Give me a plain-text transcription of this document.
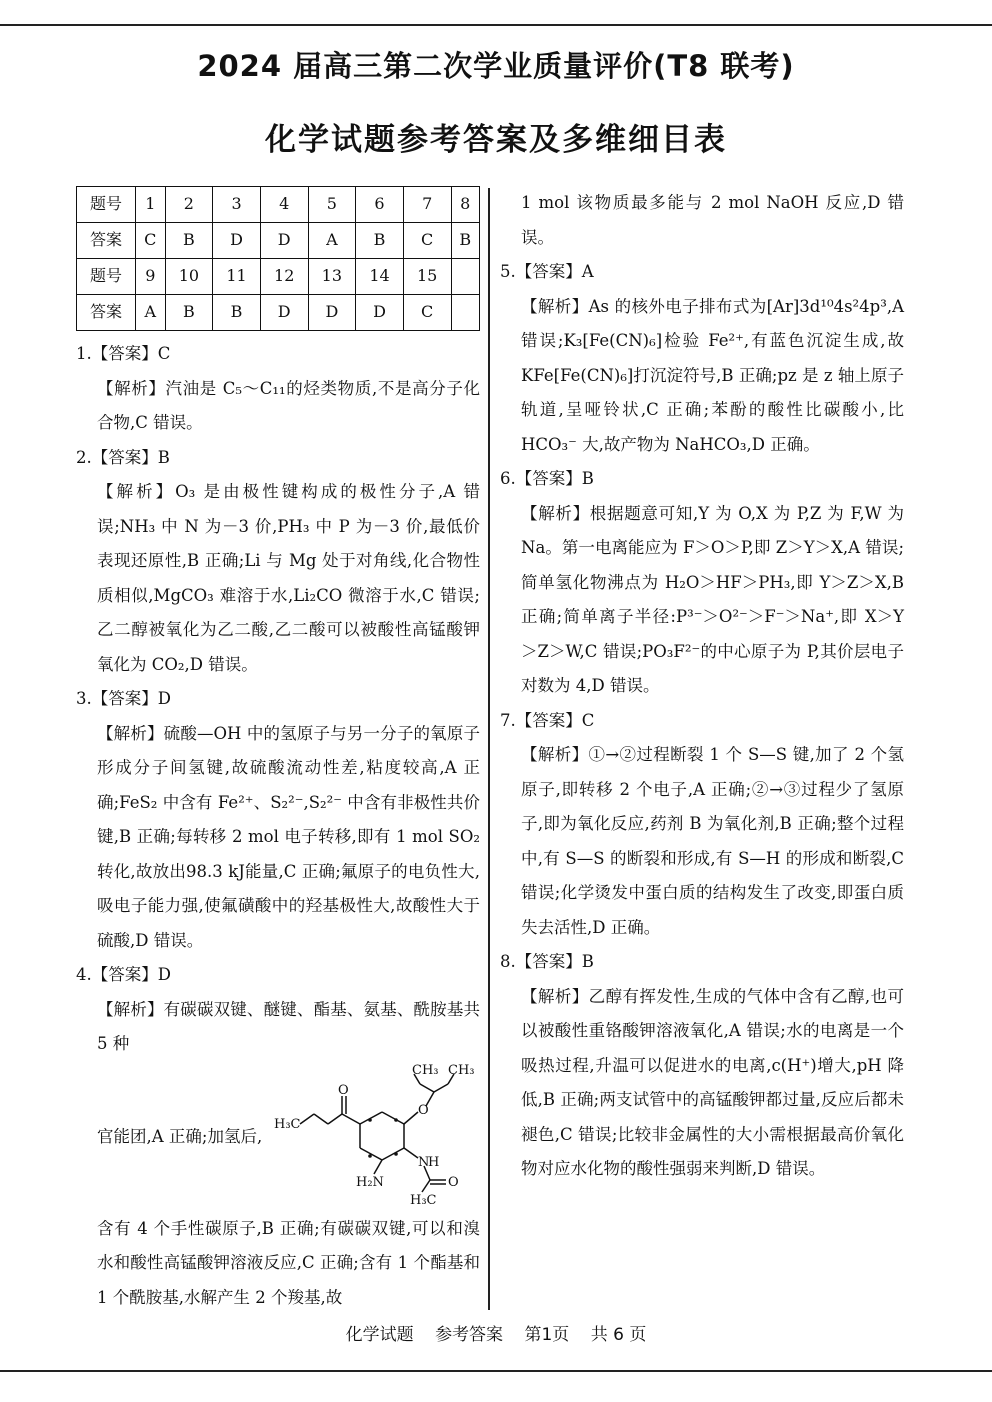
2024 届高三第二次学业质量评价(T8 联考)
化学试题参考答案及多维细目表
题号	1	2	3	4	5	6	7	8
答案	C	B	D	D	A	B	C	B
题号	9	10	11	12	13	14	15	
答案	A	B	B	D	D	D	C	

1.【答案】C

【解析】汽油是 C₅～C₁₁的烃类物质,不是高分子化合物,C 错误。

2.【答案】B

【解析】O₃ 是由极性键构成的极性分子,A 错误;NH₃ 中 N 为－3 价,PH₃ 中 P 为－3 价,最低价表现还原性,B 正确;Li 与 Mg 处于对角线,化合物性质相似,MgCO₃ 难溶于水,Li₂CO 微溶于水,C 错误;乙二醇被氧化为乙二酸,乙二酸可以被酸性高锰酸钾氧化为 CO₂,D 错误。

3.【答案】D

【解析】硫酸—OH 中的氢原子与另一分子的氧原子形成分子间氢键,故硫酸流动性差,粘度较高,A 正确;FeS₂ 中含有 Fe²⁺、S₂²⁻,S₂²⁻ 中含有非极性共价键,B 正确;每转移 2 mol 电子转移,即有 1 mol SO₂ 转化,故放出98.3 kJ能量,C 正确;氟原子的电负性大,吸电子能力强,使氟磺酸中的羟基极性大,故酸性大于硫酸,D 错误。

4.【答案】D

【解析】有碳碳双键、醚键、酯基、氨基、酰胺基共 5 种

官能团,A 正确;加氢后,
CH₃ CH₃
H₃C
O
O
N
H
O
H₂N
H₃C

含有 4 个手性碳原子,B 正确;有碳碳双键,可以和溴水和酸性高锰酸钾溶液反应,C 正确;含有 1 个酯基和 1 个酰胺基,水解产生 2 个羧基,故

1 mol 该物质最多能与 2 mol NaOH 反应,D 错误。

5.【答案】A

【解析】As 的核外电子排布式为[Ar]3d¹⁰4s²4p³,A 错误;K₃[Fe(CN)₆]检验 Fe²⁺,有蓝色沉淀生成,故 KFe[Fe(CN)₆]打沉淀符号,B 正确;pz 是 z 轴上原子轨道,呈哑铃状,C 正确;苯酚的酸性比碳酸小,比 HCO₃⁻ 大,故产物为 NaHCO₃,D 正确。

6.【答案】B

【解析】根据题意可知,Y 为 O,X 为 P,Z 为 F,W 为 Na。第一电离能应为 F＞O＞P,即 Z＞Y＞X,A 错误;简单氢化物沸点为 H₂O＞HF＞PH₃,即 Y＞Z＞X,B 正确;简单离子半径:P³⁻＞O²⁻＞F⁻＞Na⁺,即 X＞Y＞Z＞W,C 错误;PO₃F²⁻的中心原子为 P,其价层电子对数为 4,D 错误。

7.【答案】C

【解析】①→②过程断裂 1 个 S—S 键,加了 2 个氢原子,即转移 2 个电子,A 正确;②→③过程少了氢原子,即为氧化反应,药剂 B 为氧化剂,B 正确;整个过程中,有 S—S 的断裂和形成,有 S—H 的形成和断裂,C 错误;化学烫发中蛋白质的结构发生了改变,即蛋白质失去活性,D 正确。

8.【答案】B

【解析】乙醇有挥发性,生成的气体中含有乙醇,也可以被酸性重铬酸钾溶液氧化,A 错误;水的电离是一个吸热过程,升温可以促进水的电离,c(H⁺)增大,pH 降低,B 正确;两支试管中的高锰酸钾都过量,反应后都未褪色,C 错误;比较非金属性的大小需根据最高价氧化物对应水化物的酸性强弱来判断,D 错误。

化学试题 参考答案 第1页 共 6 页
